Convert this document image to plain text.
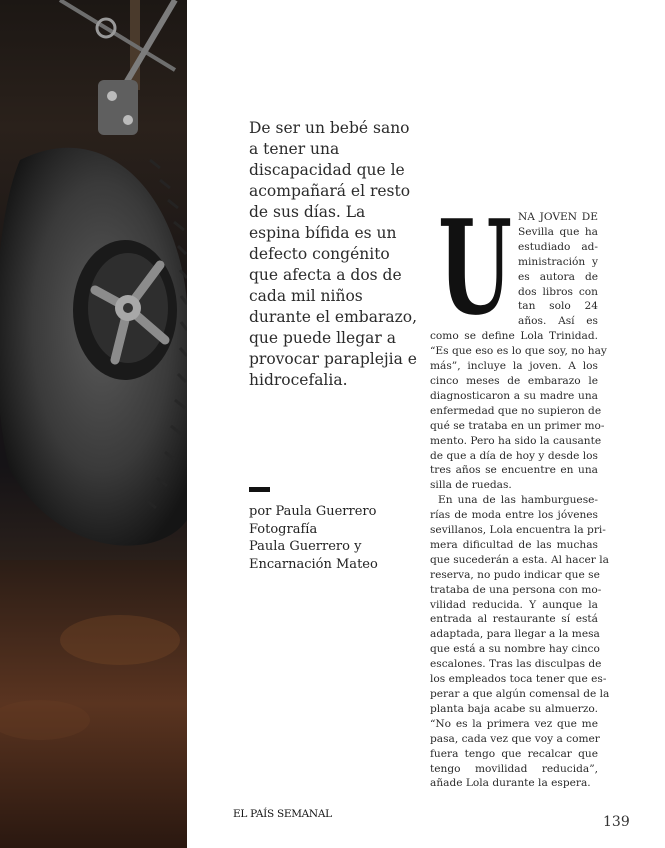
De ser un bebé sano a tener una discapacidad que le acompañará el resto de sus días. La espina bífida es un defecto congénito que afecta a dos de cada mil niños durante el embarazo, que puede llegar a provocar paraplejia e hidrocefalia.

por Paula Guerrero
Fotografía
Paula Guerrero y
Encarnación Mateo
U NA JOVEN DE
Sevilla que ha
estudiado ad-
ministración y
es autora de
dos libros con
tan solo 24
años. Así es
como se define Lola Trinidad.
“Es que eso es lo que soy, no hay
más”, incluye la joven. A los
cinco meses de embarazo le
diagnosticaron a su madre una
enfermedad que no supieron de
qué se trataba en un primer mo-
mento. Pero ha sido la causante
de que a día de hoy y desde los
tres años se encuentre en una
silla de ruedas.
En una de las hamburguese-
rías de moda entre los jóvenes
sevillanos, Lola encuentra la pri-
mera dificultad de las muchas
que sucederán a esta. Al hacer la
reserva, no pudo indicar que se
trataba de una persona con mo-
vilidad reducida. Y aunque la
entrada al restaurante sí está
adaptada, para llegar a la mesa
que está a su nombre hay cinco
escalones. Tras las disculpas de
los empleados toca tener que es-
perar a que algún comensal de la
planta baja acabe su almuerzo.
“No es la primera vez que me
pasa, cada vez que voy a comer
fuera tengo que recalcar que
tengo movilidad reducida”,
añade Lola durante la espera.
EL PAÍS SEMANAL	139
